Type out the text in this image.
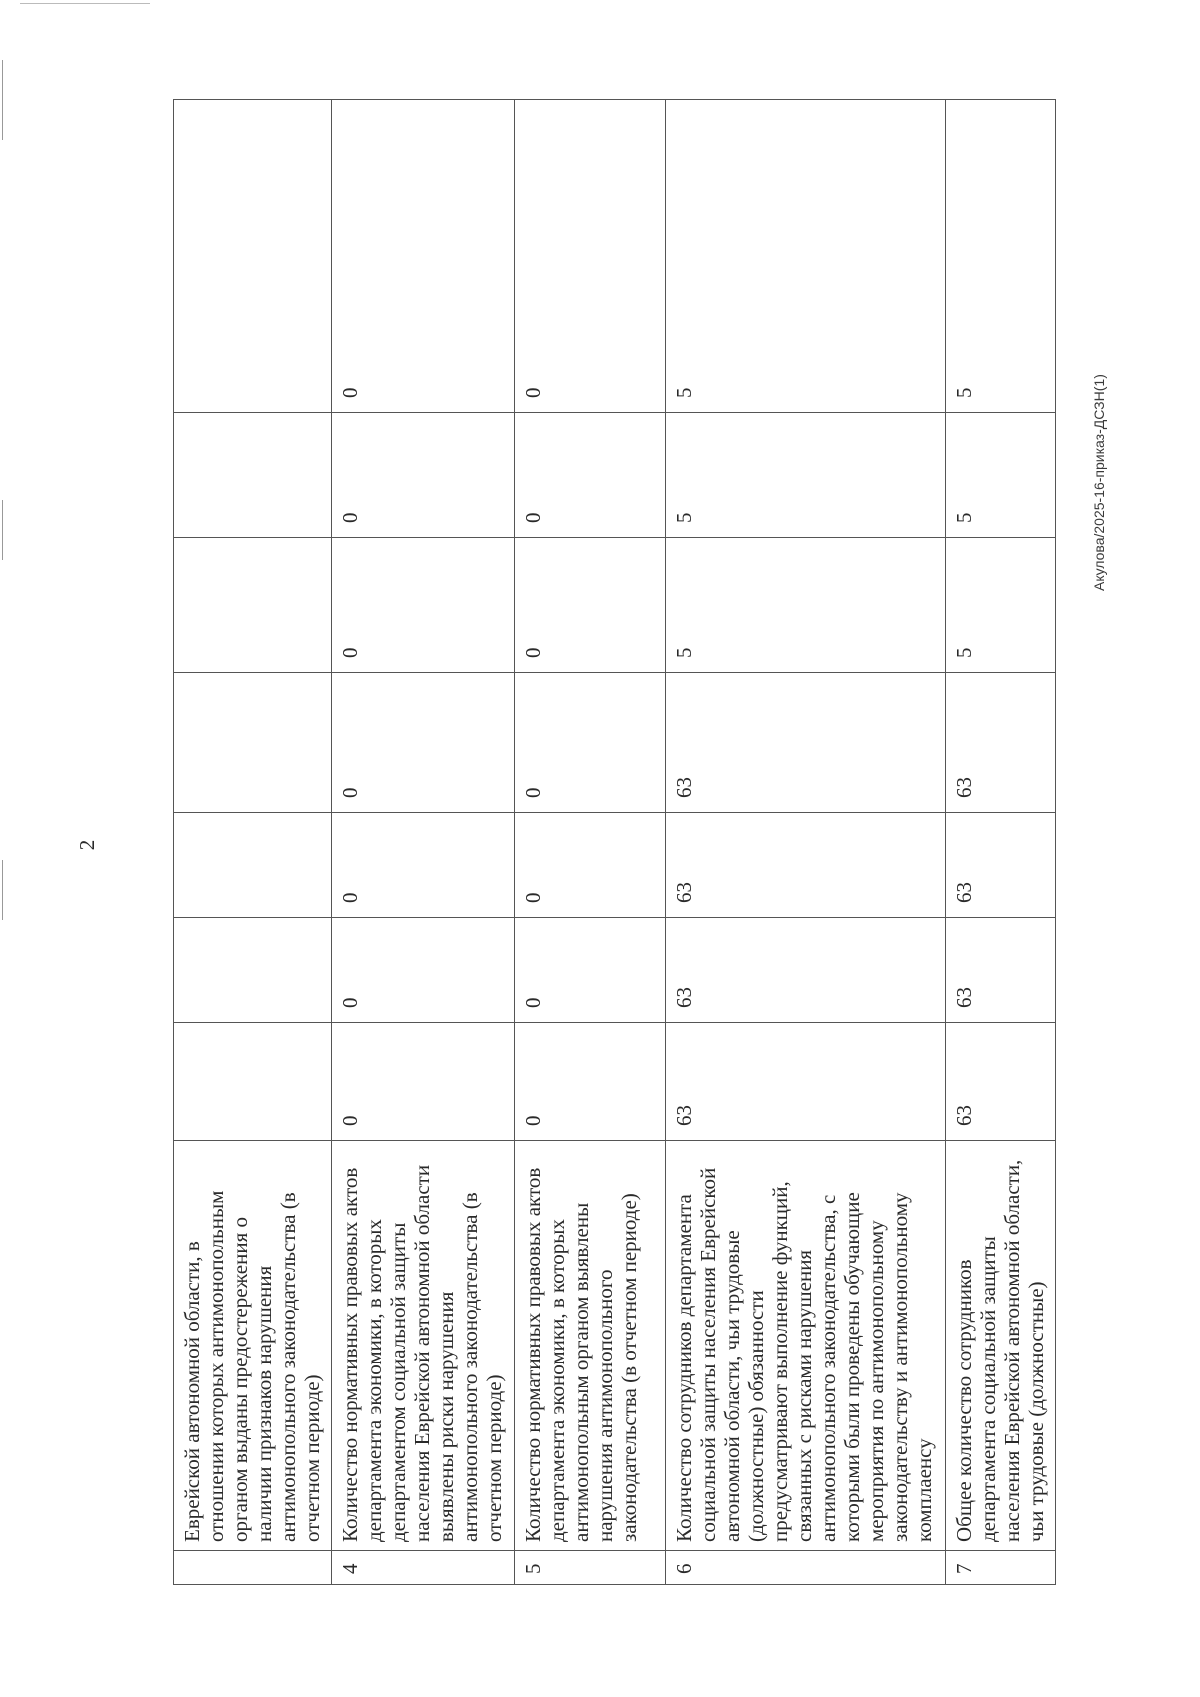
2
	Еврейской автономной области, в отношении которых антимонопольным органом выданы предостережения о наличии признаков нарушения антимонопольного законодательства (в отчетном периоде)							
4	Количество нормативных правовых актов департамента экономики, в которых департаментом социальной защиты населения Еврейской автономной области выявлены риски нарушения антимонопольного законодательства (в отчетном периоде)	0	0	0	0	0	0	0
5	Количество нормативных правовых актов департамента экономики, в которых антимонопольным органом выявлены нарушения антимонопольного законодательства (в отчетном периоде)	0	0	0	0	0	0	0
6	Количество сотрудников департамента социальной защиты населения Еврейской автономной области, чьи трудовые (должностные) обязанности предусматривают выполнение функций, связанных с рисками нарушения антимонопольного законодательства, с которыми были проведены обучающие мероприятия по антимонопольному законодательству и антимонопольному комплаенсу	63	63	63	63	5	5	5
7	Общее количество сотрудников департамента социальной защиты населения Еврейской автономной области, чьи трудовые (должностные)	63	63	63	63	5	5	5	Акулова/2025-16-приказ-ДСЗН(1)
